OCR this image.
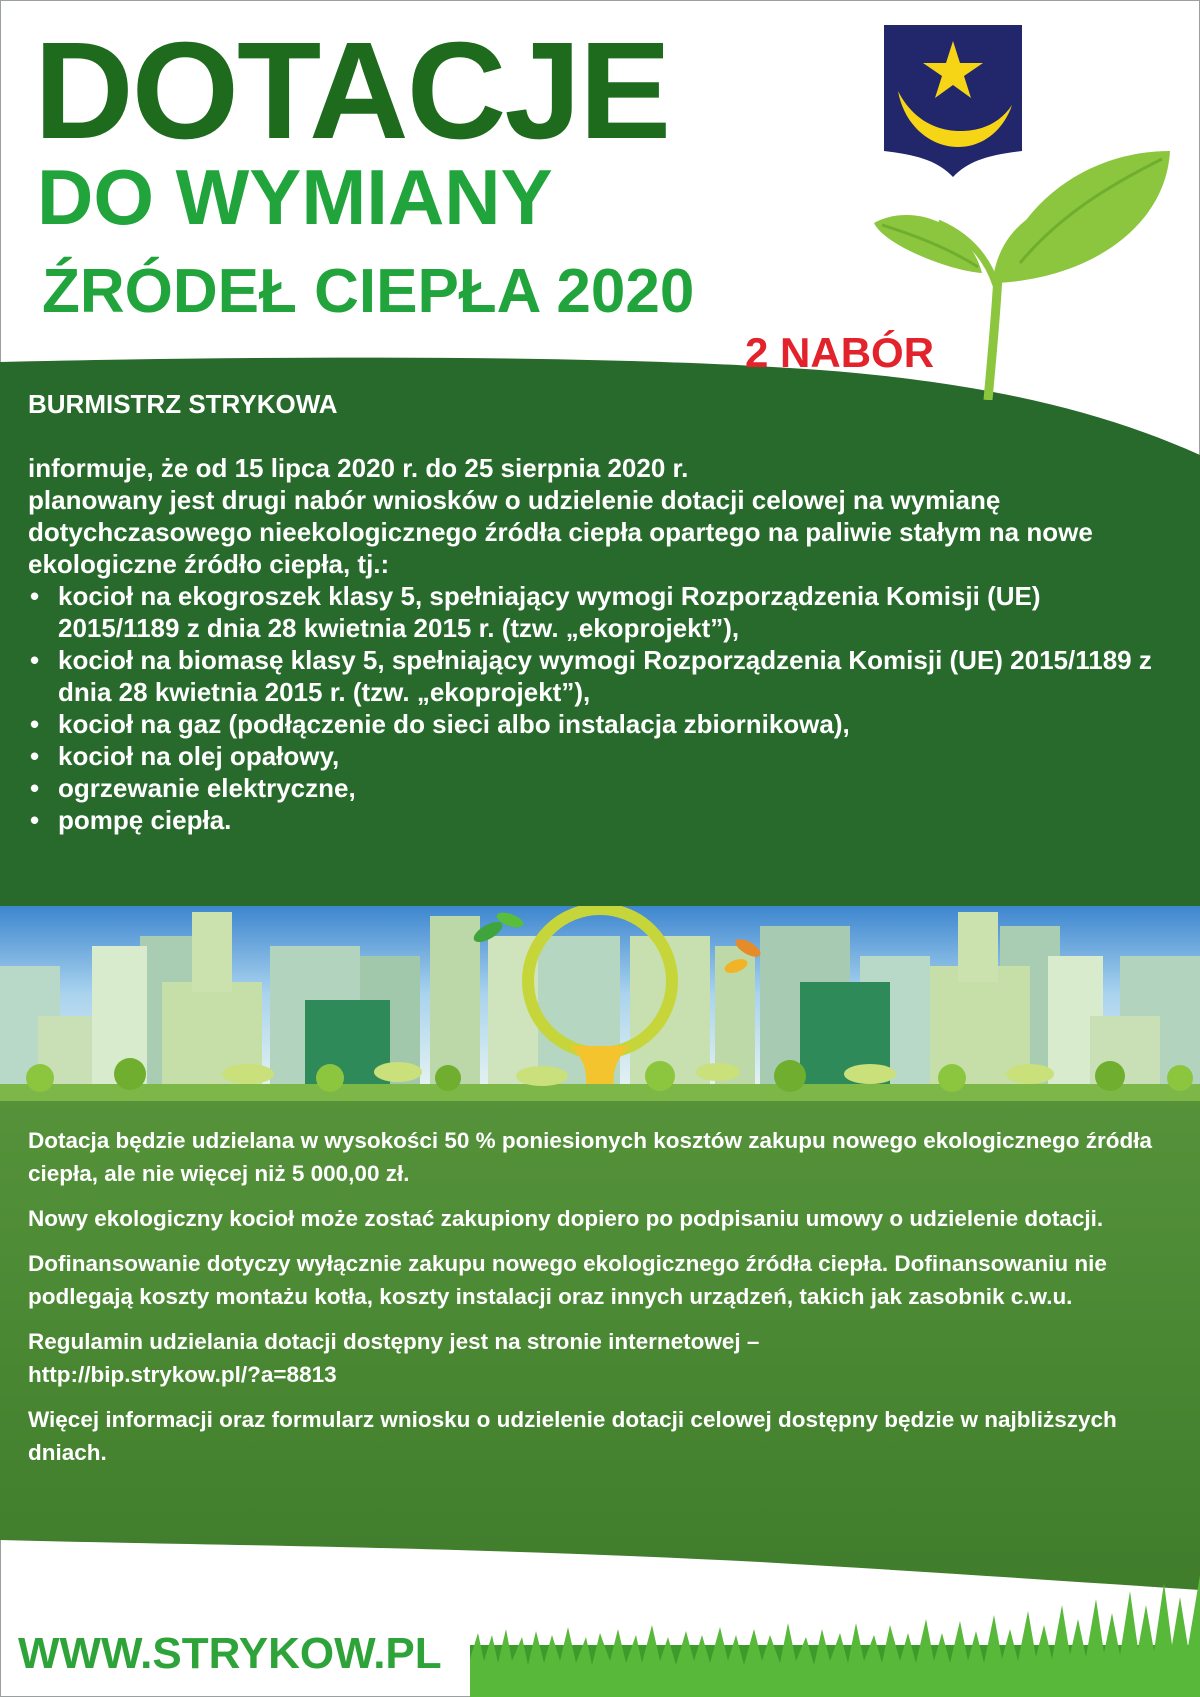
DOTACJE
DO WYMIANY
ŹRÓDEŁ CIEPŁA 2020
2 NABÓR

BURMISTRZ STRYKOWA

informuje, że od 15 lipca 2020 r. do 25 sierpnia 2020 r.

planowany jest drugi nabór wniosków o udzielenie dotacji celowej na wymianę dotychczasowego nieekologicznego źródła ciepła opartego na paliwie stałym na nowe ekologiczne źródło ciepła, tj.:

• kocioł na ekogroszek klasy 5, spełniający wymogi Rozporządzenia Komisji (UE) 2015/1189 z dnia 28 kwietnia 2015 r. (tzw. „ekoprojekt”),
• kocioł na biomasę klasy 5, spełniający wymogi Rozporządzenia Komisji (UE) 2015/1189 z dnia 28 kwietnia 2015 r. (tzw. „ekoprojekt”),
• kocioł na gaz (podłączenie do sieci albo instalacja zbiornikowa),
• kocioł na olej opałowy,
• ogrzewanie elektryczne,
• pompę ciepła.

Dotacja będzie udzielana w wysokości 50 % poniesionych kosztów zakupu nowego ekologicznego źródła ciepła, ale nie więcej niż 5 000,00 zł.

Nowy ekologiczny kocioł może zostać zakupiony dopiero po podpisaniu umowy o udzielenie dotacji.

Dofinansowanie dotyczy wyłącznie zakupu nowego ekologicznego źródła ciepła. Dofinansowaniu nie podlegają koszty montażu kotła, koszty instalacji oraz innych urządzeń, takich jak zasobnik c.w.u.

Regulamin udzielania dotacji dostępny jest na stronie internetowej –
http://bip.strykow.pl/?a=8813

Więcej informacji oraz formularz wniosku o udzielenie dotacji celowej dostępny będzie w najbliższych dniach.

WWW.STRYKOW.PL
